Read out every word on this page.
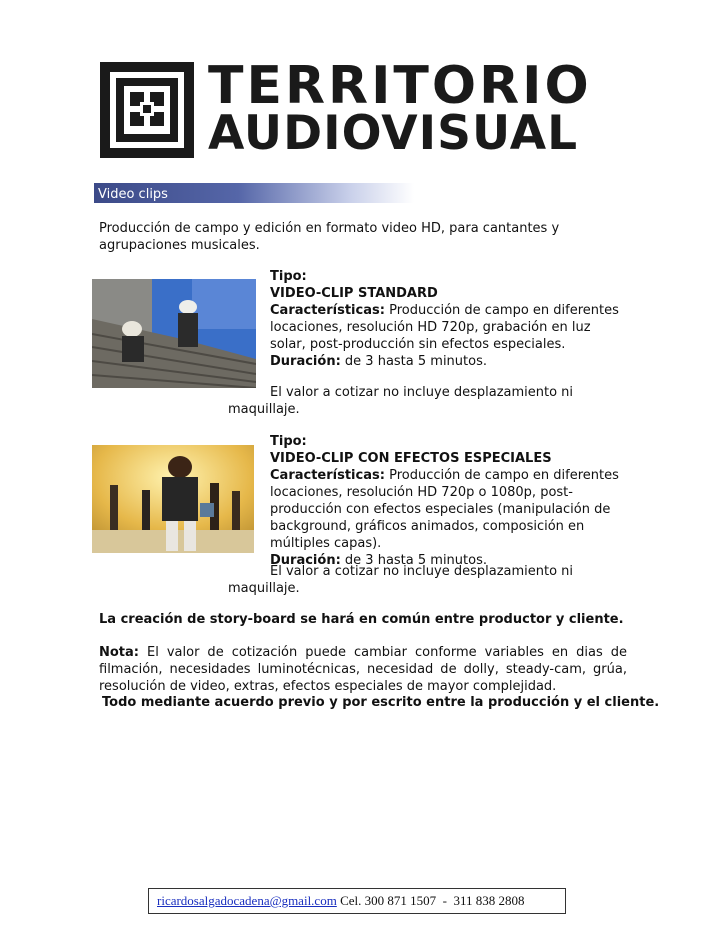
TERRITORIO
AUDIOVISUAL
Video clips
Producción de campo y edición en formato video HD, para cantantes y agrupaciones musicales.
Tipo:
VIDEO-CLIP STANDARD
Características: Producción de campo en diferentes locaciones, resolución HD 720p, grabación en luz solar, post-producción sin efectos especiales.
Duración: de 3 hasta 5 minutos.
El valor a cotizar no incluye desplazamiento ni maquillaje.
Tipo:
VIDEO-CLIP CON EFECTOS ESPECIALES
Características: Producción de campo en diferentes locaciones, resolución HD 720p o 1080p, post-producción con efectos especiales (manipulación de background, gráficos animados, composición en múltiples capas).
Duración: de 3 hasta 5 minutos.
El valor a cotizar no incluye desplazamiento ni maquillaje.
La creación de story-board se hará en común entre productor y cliente.
Nota: El valor de cotización puede cambiar conforme variables en dias de filmación, necesidades luminotécnicas, necesidad de dolly, steady-cam, grúa, resolución de video, extras, efectos especiales de mayor complejidad.
Todo mediante acuerdo previo y por escrito entre la producción y el cliente.
ricardosalgadocadena@gmail.com Cel. 300 871 1507  -  311 838 2808
